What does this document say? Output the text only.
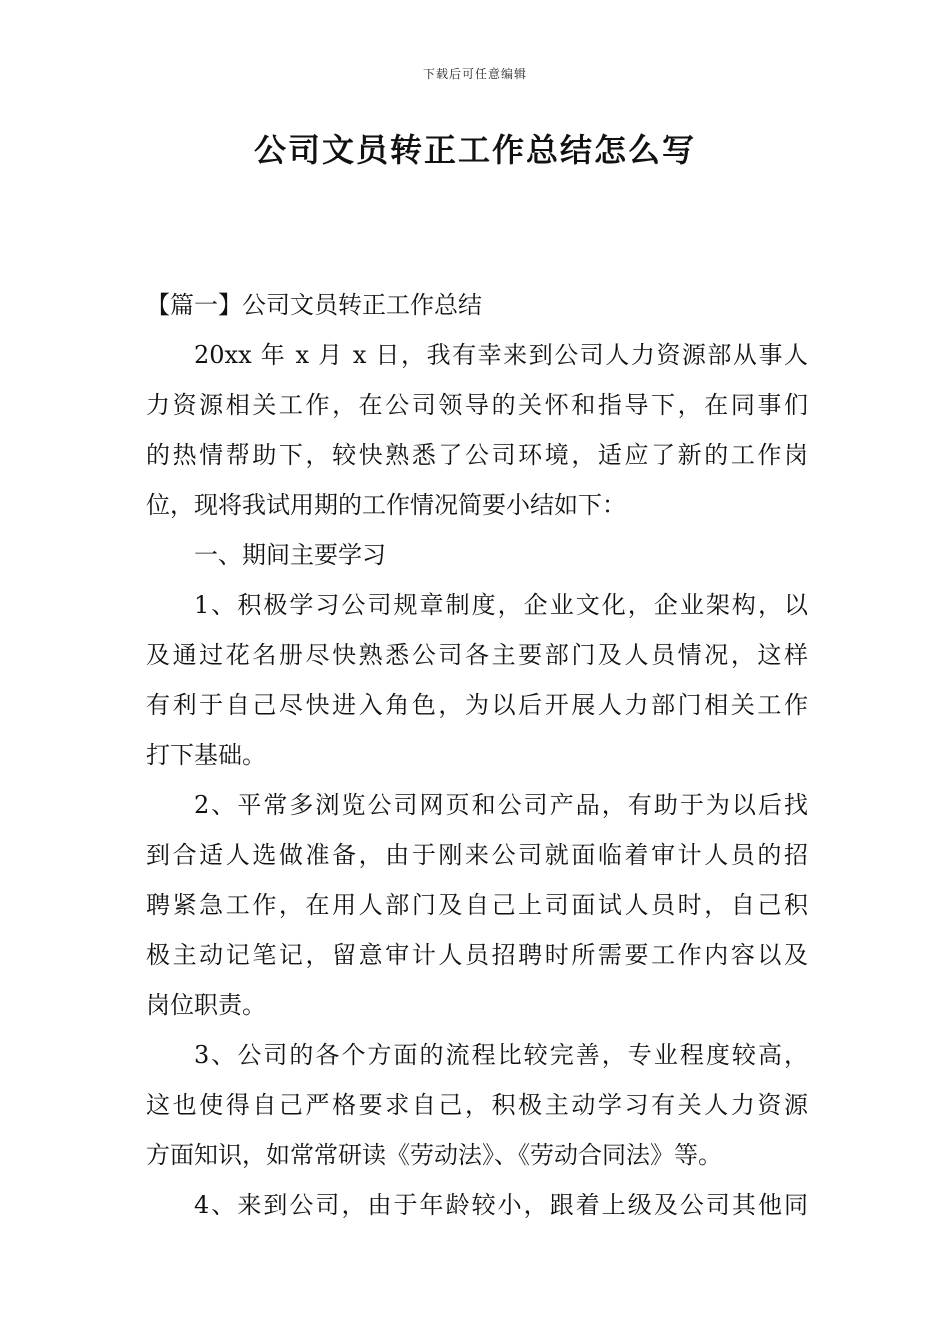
下载后可任意编辑
公司文员转正工作总结怎么写
【篇一】公司文员转正工作总结
20xx 年 x 月 x 日，我有幸来到公司人力资源部从事人
力资源相关工作，在公司领导的关怀和指导下，在同事们
的热情帮助下，较快熟悉了公司环境，适应了新的工作岗
位，现将我试用期的工作情况简要小结如下：
一、期间主要学习
1、积极学习公司规章制度，企业文化，企业架构，以
及通过花名册尽快熟悉公司各主要部门及人员情况，这样
有利于自己尽快进入角色，为以后开展人力部门相关工作
打下基础。
2、平常多浏览公司网页和公司产品，有助于为以后找
到合适人选做准备，由于刚来公司就面临着审计人员的招
聘紧急工作，在用人部门及自己上司面试人员时，自己积
极主动记笔记，留意审计人员招聘时所需要工作内容以及
岗位职责。
3、公司的各个方面的流程比较完善，专业程度较高，
这也使得自己严格要求自己，积极主动学习有关人力资源
方面知识，如常常研读《劳动法》、《劳动合同法》等。
4、来到公司，由于年龄较小，跟着上级及公司其他同
